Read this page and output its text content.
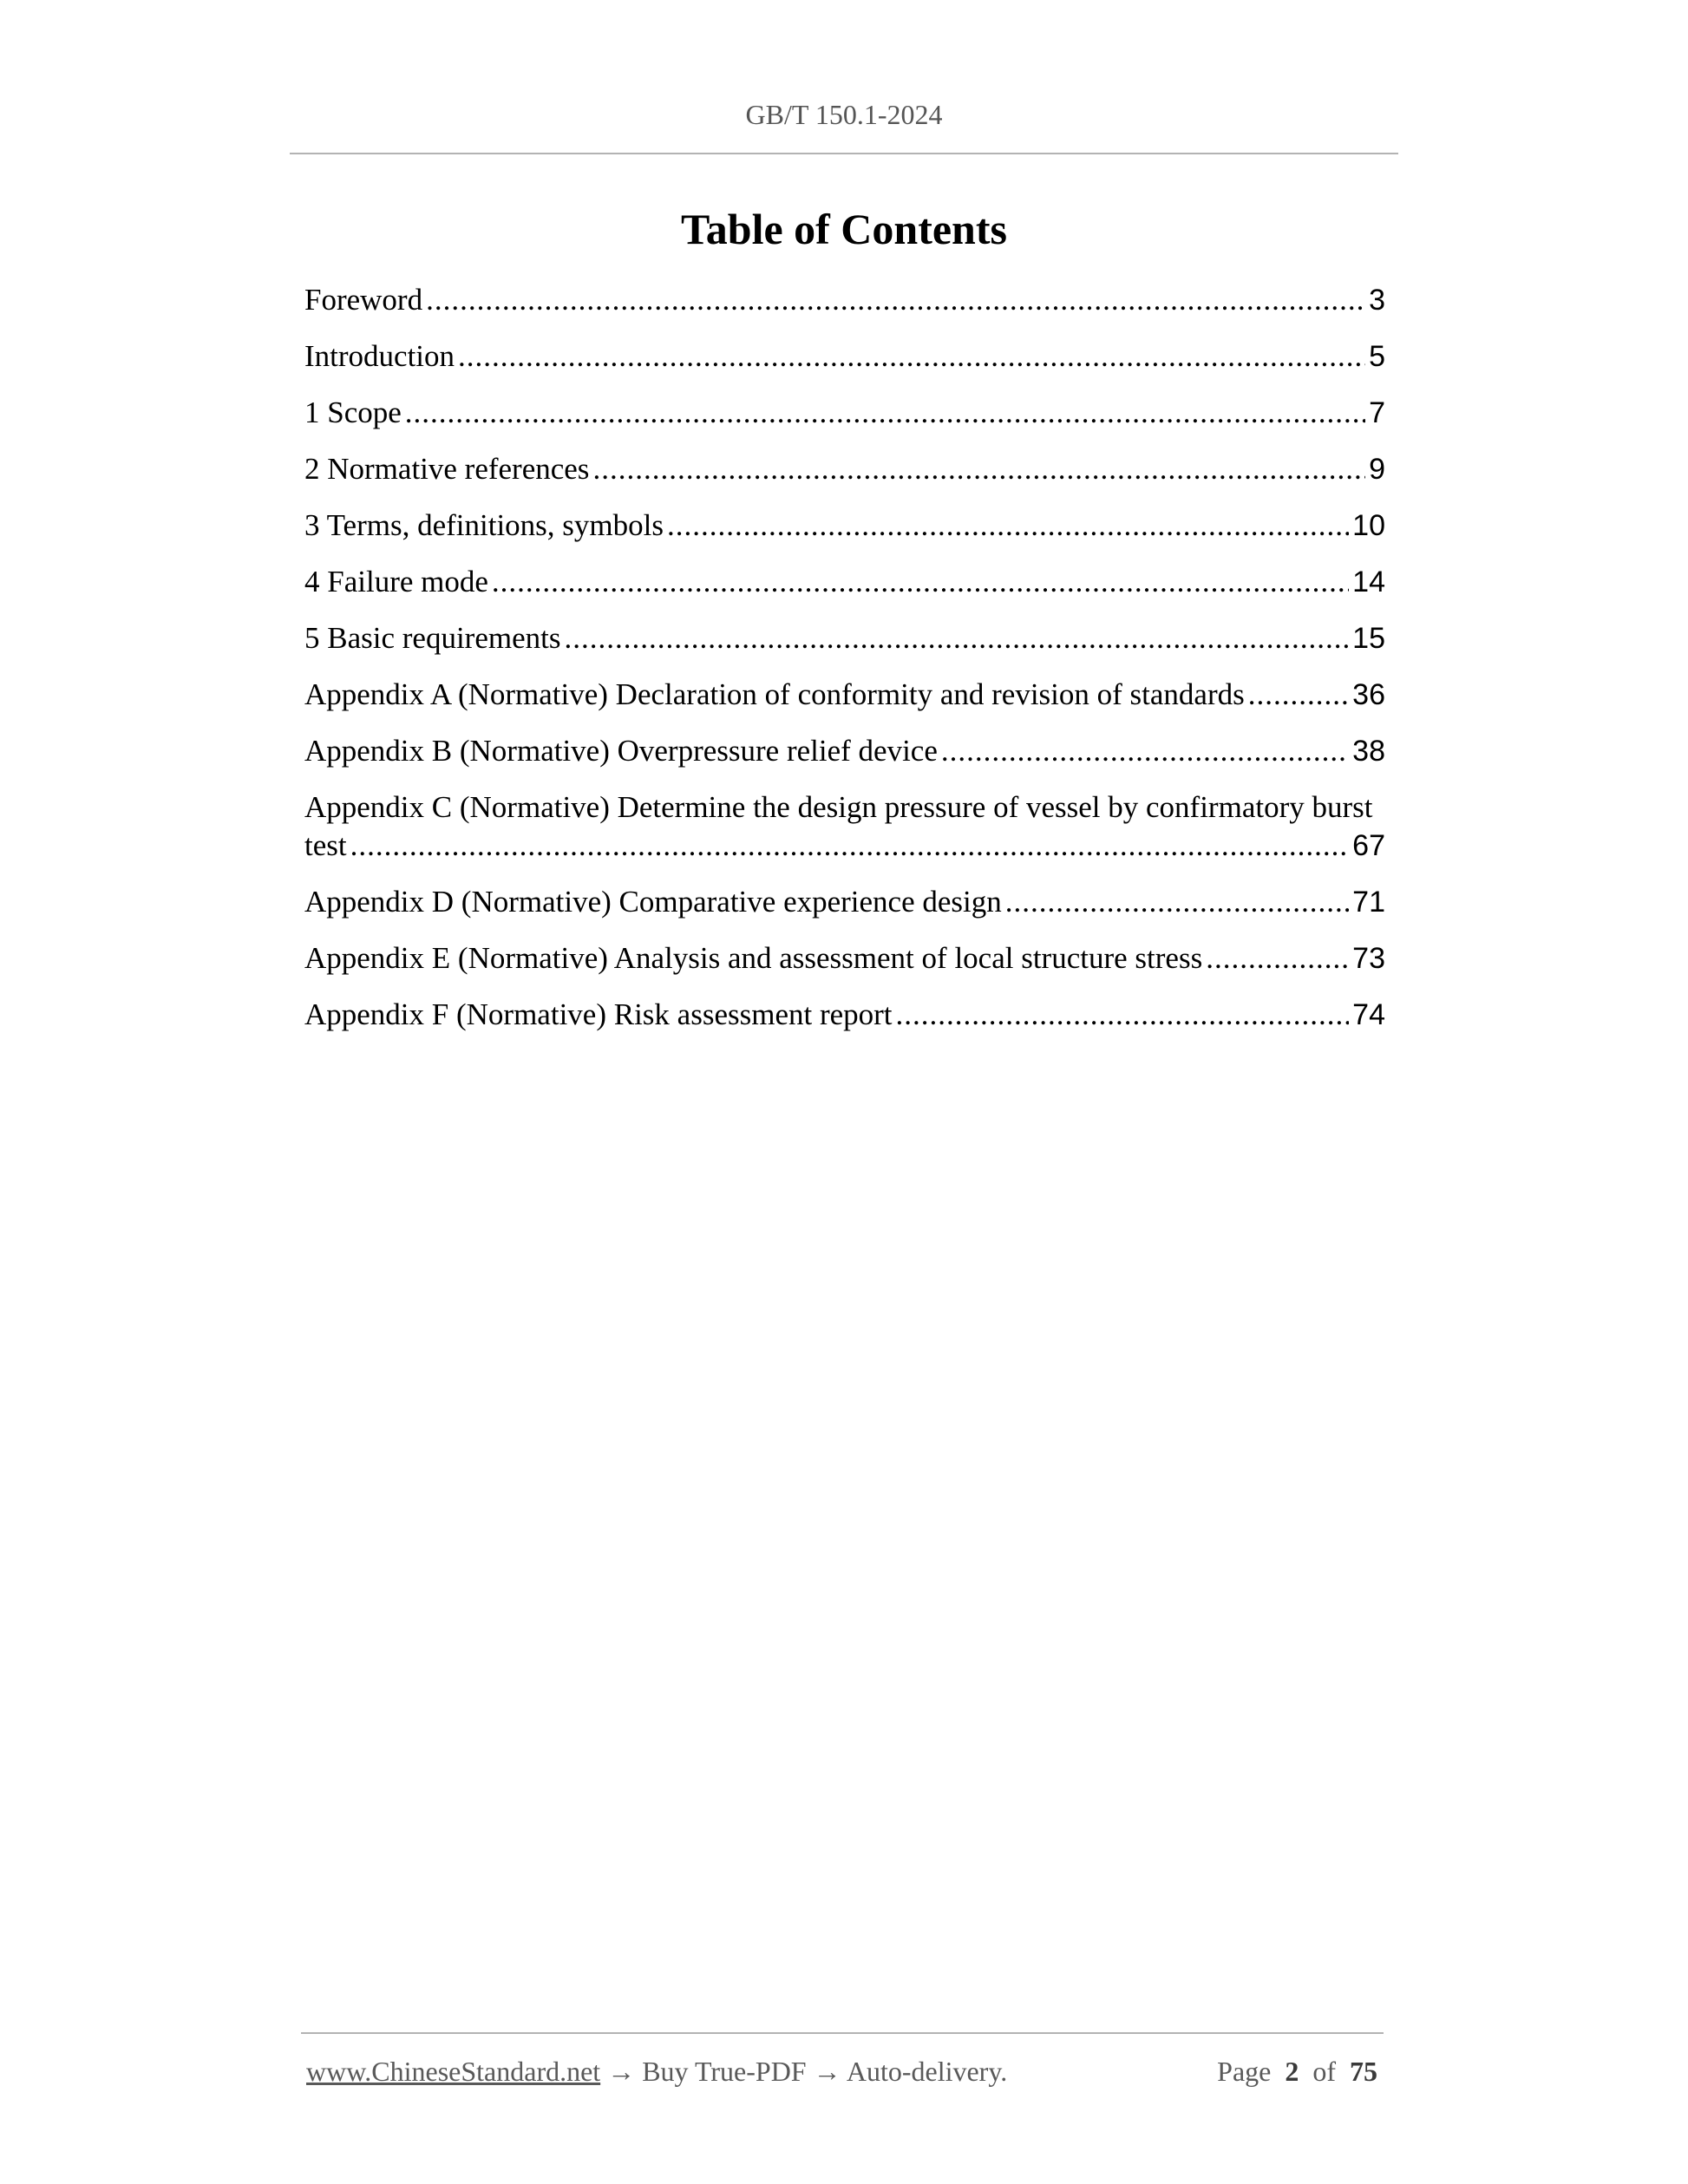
GB/T 150.1-2024
Table of Contents
Foreword .....	3
Introduction .....	5
1 Scope .....	7
2 Normative references .....	9
3 Terms, definitions, symbols .....	10
4 Failure mode .....	14
5 Basic requirements .....	15
Appendix A (Normative) Declaration of conformity and revision of standards .....	36
Appendix B (Normative) Overpressure relief device .....	38
Appendix C (Normative) Determine the design pressure of vessel by confirmatory burst
test .....	67
Appendix D (Normative) Comparative experience design .....	71
Appendix E (Normative) Analysis and assessment of local structure stress .....	73
Appendix F (Normative) Risk assessment report .....	74
www.ChineseStandard.net → Buy True-PDF → Auto-delivery.	Page 2 of 75
